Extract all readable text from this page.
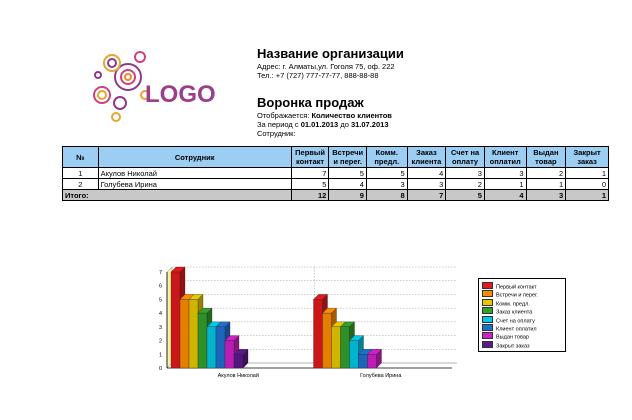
LOGO
Название организации
Адрес: г. Алматы,ул. Гоголя 75, оф. 222
Тел.: +7 (727) 777-77-77, 888-88-88
Воронка продаж
Отображается: Количество клиентов
За период с 01.01.2013 до 31.07.2013
Сотрудник:
№	Сотрудник	Первый контакт	Встречи и перег.	Комм. предл.	Заказ клиента	Счет на оплату	Клиент оплатил	Выдан товар	Закрыт заказ
1	Акулов Николай	7	5	5	4	3	3	2	1
2	Голубева Ирина	5	4	3	3	2	1	1	0
Итого:		12	9	8	7	5	4	3	1
0
1
2
3
4
5
6
7
Акулов Николай	Голубева Ирина
Первый контакт
Встречи и перег.
Комм. предл.
Заказ клиента
Счет на оплату
Клиент оплатил
Выдан товар
Закрыт заказ
